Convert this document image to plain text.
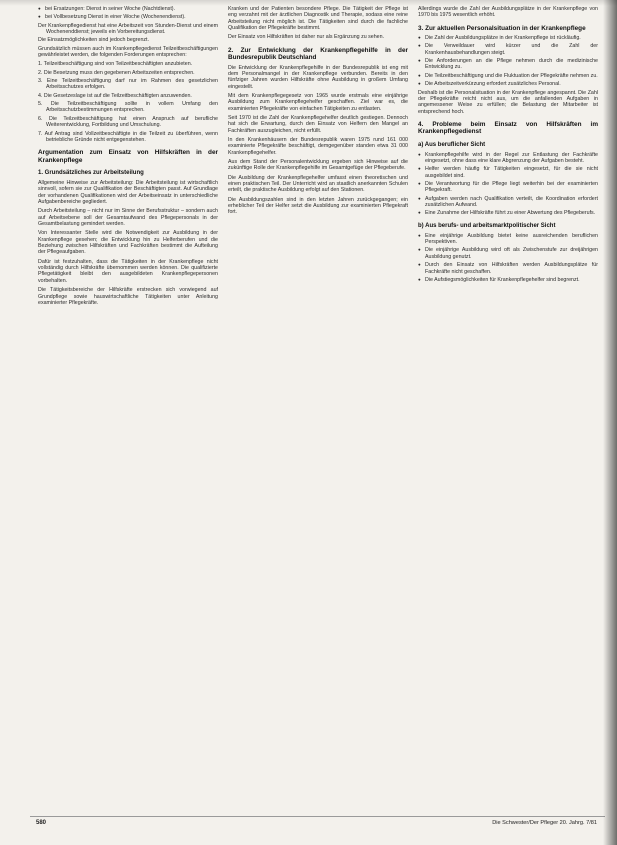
● bei Ersatzungen: Dienst in seiner Woche (Nachtdienst).
● bei Vollbesetzung Dienst in einer Woche (Wochenendienst).
Der Krankenpflegedienst hat eine Arbeitszeit von Stunden-Dienst und einem Wochenenddienst; jeweils ein Vorbereitungsdienst.
Die Einsatzmöglichkeiten sind jedoch begrenzt.
Grundsätzlich müssen auch im Krankenpflegedienst Teilzeitbeschäftigungen gewährleistet werden, die folgenden Forderungen entsprechen:
1. Teilzeitbeschäftigung sind von Teilzeitbeschäftigten anzubieten.
2. Die Besetzung muss den gegebenen Arbeitszeiten entsprechen.
3. Eine Teilzeitbeschäftigung darf nur im Rahmen des gesetzlichen Arbeitsschutzes erfolgen.
4. Die Gesetzeslage ist auf die Teilzeitbeschäftigten anzuwenden.
5. Die Teilzeitbeschäftigung sollte in vollem Umfang den Arbeitsschutzbestimmungen entsprechen.
6. Die Teilzeitbeschäftigung hat einen Anspruch auf berufliche Weiterentwicklung, Fortbildung und Umschulung.
7. Auf Antrag sind Vollzeitbeschäftigte in die Teilzeit zu überführen, wenn betriebliche Gründe nicht entgegenstehen.
Argumentation zum Einsatz von Hilfskräften in der Krankenpflege
1. Grundsätzliches zur Arbeitsteilung
Allgemeine Hinweise zur Arbeitsteilung: Die Arbeitsteilung ist wirtschaftlich sinnvoll, sofern sie zur Qualifikation der Beschäftigten passt. Auf Grundlage der vorhandenen Qualifikationen wird der Arbeitseinsatz in unterschiedliche Aufgabenbereiche gegliedert.
Durch Arbeitsteilung – nicht nur im Sinne der Berufsstruktur – sondern auch auf Arbeitsebene soll der Gesamtaufwand des Pflegepersonals in der Gesamtbelastung gemindert werden.
Von Interessanter Stelle wird die Notwendigkeit zur Ausbildung in der Krankenpflege gesehen; die Entwicklung hin zu Helferberufen und die Beziehung zwischen Hilfskräften und Fachkräften bestimmt die Aufteilung der Pflegeaufgaben.
Dafür ist festzuhalten, dass die Tätigkeiten in der Krankenpflege nicht vollständig durch Hilfskräfte übernommen werden können. Die qualifizierte Pflegetätigkeit bleibt den ausgebildeten Krankenpflegepersonen vorbehalten.
Die Tätigkeitsbereiche der Hilfskräfte erstrecken sich vorwiegend auf Grundpflege sowie hauswirtschaftliche Tätigkeiten unter Anleitung examinierter Pflegekräfte.
Kranken und der Patienten besondere Pflege. Die Tätigkeit der Pflege ist eng verzahnt mit der ärztlichen Diagnostik und Therapie, sodass eine reine Arbeitsteilung nicht möglich ist. Die Tätigkeiten sind durch die fachliche Qualifikation der Pflegekräfte bestimmt.
Der Einsatz von Hilfskräften ist daher nur als Ergänzung zu sehen.
2. Zur Entwicklung der Krankenpflegehilfe in der Bundesrepublik Deutschland
Die Entwicklung der Krankenpflegehilfe in der Bundesrepublik ist eng mit dem Personalmangel in der Krankenpflege verbunden. Bereits in den fünfziger Jahren wurden Hilfskräfte ohne Ausbildung in großem Umfang eingestellt.
Mit dem Krankenpflegegesetz von 1965 wurde erstmals eine einjährige Ausbildung zum Krankenpflegehelfer geschaffen. Ziel war es, die examinierten Pflegekräfte von einfachen Tätigkeiten zu entlasten.
Seit 1970 ist die Zahl der Krankenpflegehelfer deutlich gestiegen. Dennoch hat sich die Erwartung, durch den Einsatz von Helfern den Mangel an Fachkräften auszugleichen, nicht erfüllt.
In den Krankenhäusern der Bundesrepublik waren 1975 rund 161 000 examinierte Pflegekräfte beschäftigt, demgegenüber standen etwa 31 000 Krankenpflegehelfer.
Aus dem Stand der Personalentwicklung ergeben sich Hinweise auf die zukünftige Rolle der Krankenpflegehilfe im Gesamtgefüge der Pflegeberufe.
Die Ausbildung der Krankenpflegehelfer umfasst einen theoretischen und einen praktischen Teil. Der Unterricht wird an staatlich anerkannten Schulen erteilt, die praktische Ausbildung erfolgt auf den Stationen.
Die Ausbildungszahlen sind in den letzten Jahren zurückgegangen; ein erheblicher Teil der Helfer setzt die Ausbildung zur examinierten Pflegekraft fort.
Allerdings wurde die Zahl der Ausbildungsplätze in der Krankenpflege von 1970 bis 1975 wesentlich erhöht.
3. Zur aktuellen Personalsituation in der Krankenpflege
● Die Zahl der Ausbildungsplätze in der Krankenpflege ist rückläufig.
● Die Verweildauer wird kürzer und die Zahl der Krankenhausbehandlungen steigt.
● Die Anforderungen an die Pflege nehmen durch die medizinische Entwicklung zu.
● Die Teilzeitbeschäftigung und die Fluktuation der Pflegekräfte nehmen zu.
● Die Arbeitszeitverkürzung erfordert zusätzliches Personal.
Deshalb ist die Personalsituation in der Krankenpflege angespannt. Die Zahl der Pflegekräfte reicht nicht aus, um die anfallenden Aufgaben in angemessener Weise zu erfüllen; die Belastung der Mitarbeiter ist entsprechend hoch.
4. Probleme beim Einsatz von Hilfskräften im Krankenpflegedienst
a) Aus beruflicher Sicht
● Krankenpflegehilfe wird in der Regel zur Entlastung der Fachkräfte eingesetzt, ohne dass eine klare Abgrenzung der Aufgaben besteht.
● Helfer werden häufig für Tätigkeiten eingesetzt, für die sie nicht ausgebildet sind.
● Die Verantwortung für die Pflege liegt weiterhin bei der examinierten Pflegekraft.
● Aufgaben werden nach Qualifikation verteilt, die Koordination erfordert zusätzlichen Aufwand.
● Eine Zunahme der Hilfskräfte führt zu einer Abwertung des Pflegeberufs.
b) Aus berufs- und arbeitsmarktpolitischer Sicht
● Eine einjährige Ausbildung bietet keine ausreichenden beruflichen Perspektiven.
● Die einjährige Ausbildung wird oft als Zwischenstufe zur dreijährigen Ausbildung genutzt.
● Durch den Einsatz von Hilfskräften werden Ausbildungsplätze für Fachkräfte nicht geschaffen.
● Die Aufstiegsmöglichkeiten für Krankenpflegehelfer sind begrenzt.
580	Die Schwester/Der Pfleger 20. Jahrg. 7/81
